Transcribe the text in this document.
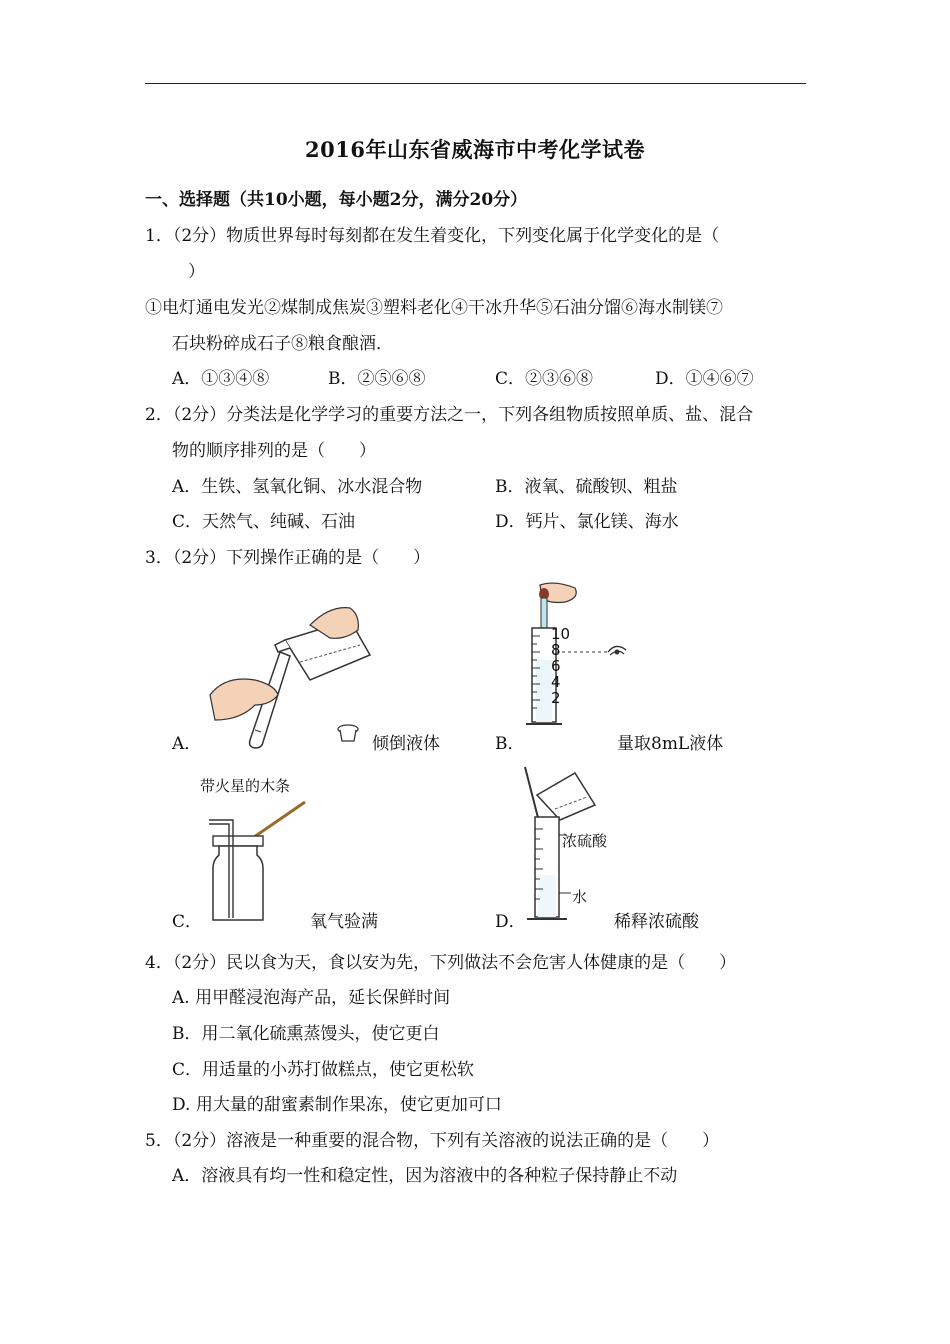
2016年山东省威海市中考化学试卷
一、选择题（共10小题，每小题2分，满分20分）
1．（2分）物质世界每时每刻都在发生着变化，下列变化属于化学变化的是（
）
①电灯通电发光②煤制成焦炭③塑料老化④干冰升华⑤石油分馏⑥海水制镁⑦
石块粉碎成石子⑧粮食酿酒．
A．①③④⑧	B．②⑤⑥⑧	C．②③⑥⑧	D．①④⑥⑦
2．（2分）分类法是化学学习的重要方法之一，下列各组物质按照单质、盐、混合
物的顺序排列的是（　　）
A．生铁、氢氧化铜、冰水混合物	B．液氧、硫酸钡、粗盐
C．天然气、纯碱、石油	D．钙片、氯化镁、海水
3．（2分）下列操作正确的是（　　）
A．	倾倒液体
10
8
6
4
2
B．	量取8mL液体
带火星的木条
C．	氧气验满
浓硫酸
水
D．	稀释浓硫酸
4．（2分）民以食为天，食以安为先，下列做法不会危害人体健康的是（　　）
A. 用甲醛浸泡海产品，延长保鲜时间
B．用二氧化硫熏蒸馒头，使它更白
C．用适量的小苏打做糕点，使它更松软
D. 用大量的甜蜜素制作果冻，使它更加可口
5．（2分）溶液是一种重要的混合物，下列有关溶液的说法正确的是（　　）
A．溶液具有均一性和稳定性，因为溶液中的各种粒子保持静止不动
